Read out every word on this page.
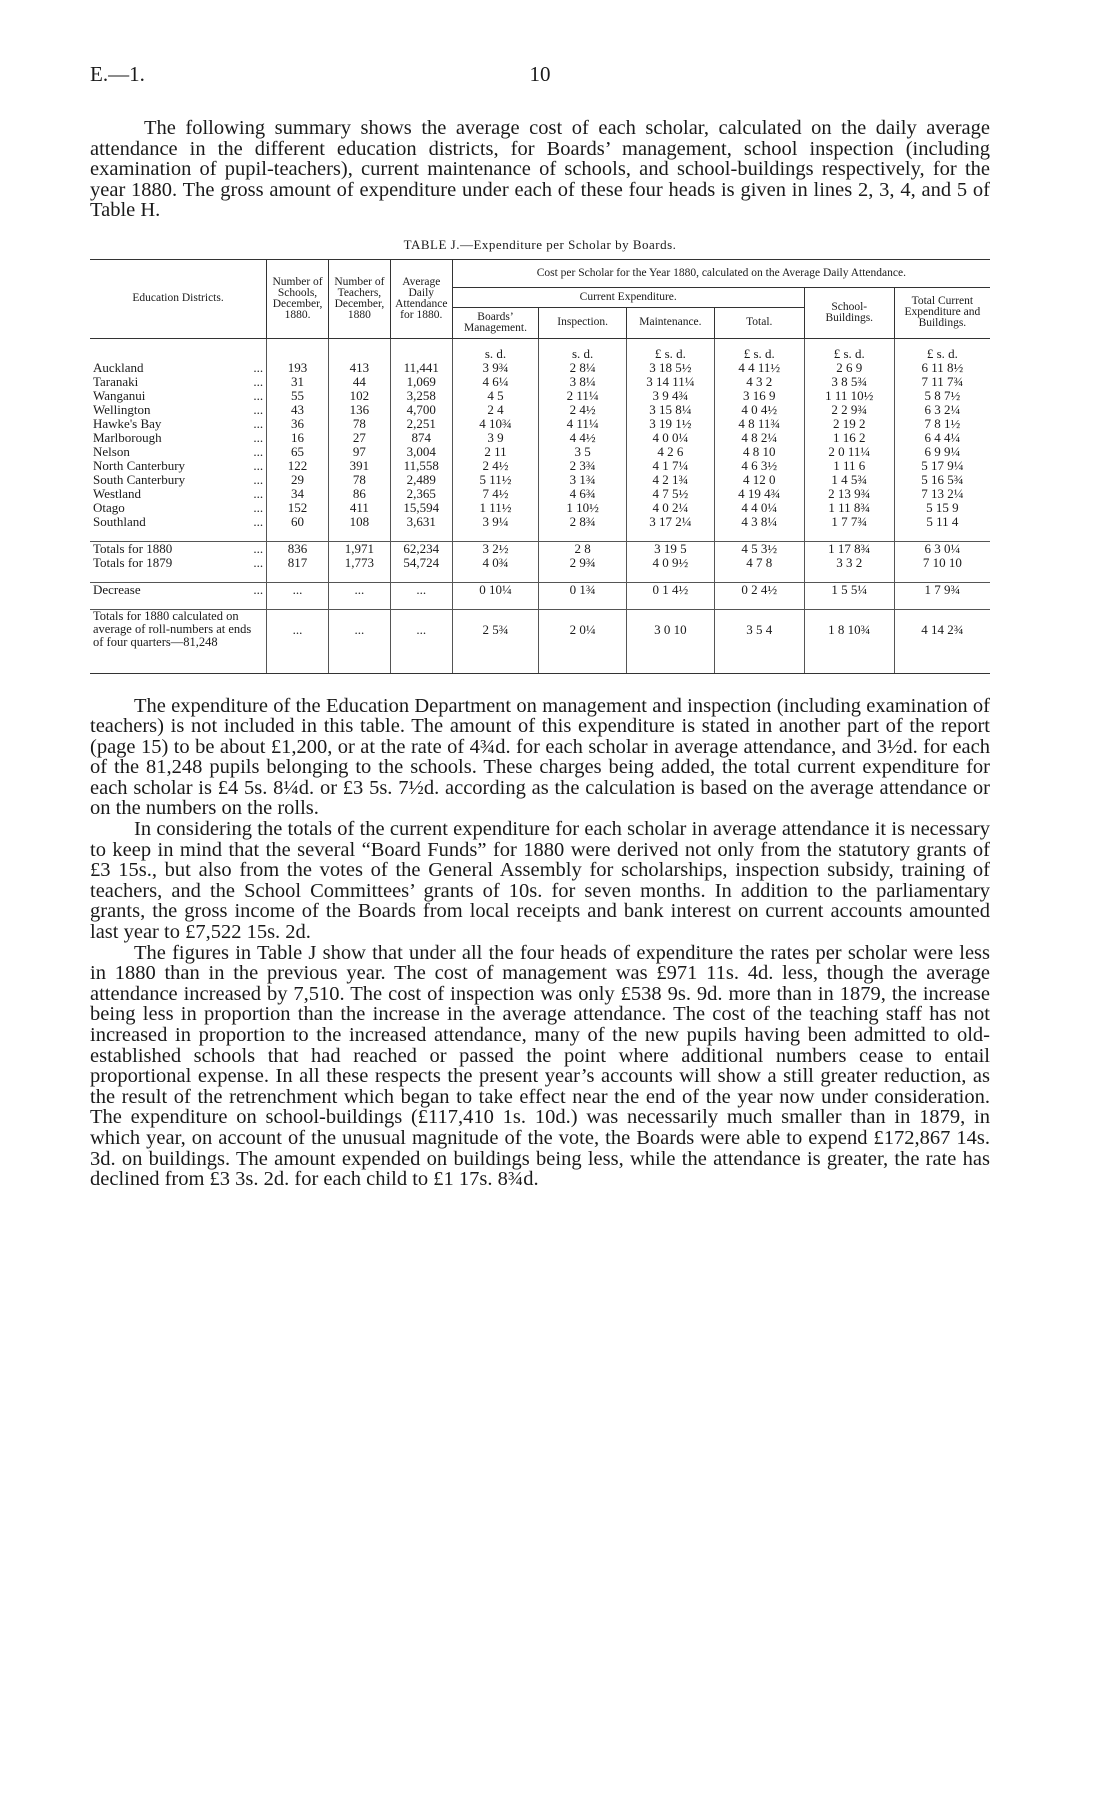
E.—1.	10

The following summary shows the average cost of each scholar, calculated on the daily average attendance in the different education districts, for Boards’ management, school inspection (including examination of pupil-teachers), current maintenance of schools, and school-buildings respectively, for the year 1880. The gross amount of expenditure under each of these four heads is given in lines 2, 3, 4, and 5 of Table H.

TABLE J.—Expenditure per Scholar by Boards.
Education Districts.	Number of Schools, December, 1880.	Number of Teachers, December, 1880	Average Daily Attendance for 1880.	Cost per Scholar for the Year 1880, calculated on the Average Daily Attendance.					
				Current Expenditure.				School-Buildings.	Total Current Expenditure and Buildings.
				Boards’ Management.	Inspection.	Maintenance.	Total.		
				s. d.	s. d.	£ s. d.	£ s. d.	£ s. d.	£ s. d.
Auckland ...	193	413	11,441	3 9¾	2 8¼	3 18 5½	4 4 11½	2 6 9	6 11 8½
Taranaki ...	31	44	1,069	4 6¼	3 8¼	3 14 11¼	4 3 2	3 8 5¾	7 11 7¾
Wanganui ...	55	102	3,258	4 5	2 11¼	3 9 4¾	3 16 9	1 11 10½	5 8 7½
Wellington ...	43	136	4,700	2 4	2 4½	3 15 8¼	4 0 4½	2 2 9¾	6 3 2¼
Hawke's Bay ...	36	78	2,251	4 10¾	4 11¼	3 19 1½	4 8 11¾	2 19 2	7 8 1½
Marlborough ...	16	27	874	3 9	4 4½	4 0 0¼	4 8 2¼	1 16 2	6 4 4¼
Nelson ...	65	97	3,004	2 11	3 5	4 2 6	4 8 10	2 0 11¼	6 9 9¼
North Canterbury ...	122	391	11,558	2 4½	2 3¾	4 1 7¼	4 6 3½	1 11 6	5 17 9¼
South Canterbury ...	29	78	2,489	5 11½	3 1¾	4 2 1¾	4 12 0	1 4 5¾	5 16 5¾
Westland ...	34	86	2,365	7 4½	4 6¾	4 7 5½	4 19 4¾	2 13 9¾	7 13 2¼
Otago ...	152	411	15,594	1 11½	1 10½	4 0 2¼	4 4 0¼	1 11 8¾	5 15 9
Southland ...	60	108	3,631	3 9¼	2 8¾	3 17 2¼	4 3 8¼	1 7 7¾	5 11 4

Totals for 1880 ...	836	1,971	62,234	3 2½	2 8	3 19 5	4 5 3½	1 17 8¾	6 3 0¼
Totals for 1879 ...	817	1,773	54,724	4 0¾	2 9¾	4 0 9½	4 7 8	3 3 2	7 10 10

Decrease ...	...	...	...	0 10¼	0 1¾	0 1 4½	0 2 4½	1 5 5¼	1 7 9¾

Totals for 1880 calculated on average of roll-numbers at ends of four quarters—81,248	...	...	...	2 5¾	2 0¼	3 0 10	3 5 4	1 8 10¾	4 14 2¾

The expenditure of the Education Department on management and inspection (including examination of teachers) is not included in this table. The amount of this expenditure is stated in another part of the report (page 15) to be about £1,200, or at the rate of 4¾d. for each scholar in average attendance, and 3½d. for each of the 81,248 pupils belonging to the schools. These charges being added, the total current expenditure for each scholar is £4 5s. 8¼d. or £3 5s. 7½d. according as the calculation is based on the average attendance or on the numbers on the rolls.

In considering the totals of the current expenditure for each scholar in average attendance it is necessary to keep in mind that the several “Board Funds” for 1880 were derived not only from the statutory grants of £3 15s., but also from the votes of the General Assembly for scholarships, inspection subsidy, training of teachers, and the School Committees’ grants of 10s. for seven months. In addition to the parliamentary grants, the gross income of the Boards from local receipts and bank interest on current accounts amounted last year to £7,522 15s. 2d.

The figures in Table J show that under all the four heads of expenditure the rates per scholar were less in 1880 than in the previous year. The cost of management was £971 11s. 4d. less, though the average attendance increased by 7,510. The cost of inspection was only £538 9s. 9d. more than in 1879, the increase being less in proportion than the increase in the average attendance. The cost of the teaching staff has not increased in proportion to the increased attendance, many of the new pupils having been admitted to old-established schools that had reached or passed the point where additional numbers cease to entail proportional expense. In all these respects the present year’s accounts will show a still greater reduction, as the result of the retrenchment which began to take effect near the end of the year now under consideration. The expenditure on school-buildings (£117,410 1s. 10d.) was necessarily much smaller than in 1879, in which year, on account of the unusual magnitude of the vote, the Boards were able to expend £172,867 14s. 3d. on buildings. The amount expended on buildings being less, while the attendance is greater, the rate has declined from £3 3s. 2d. for each child to £1 17s. 8¾d.
